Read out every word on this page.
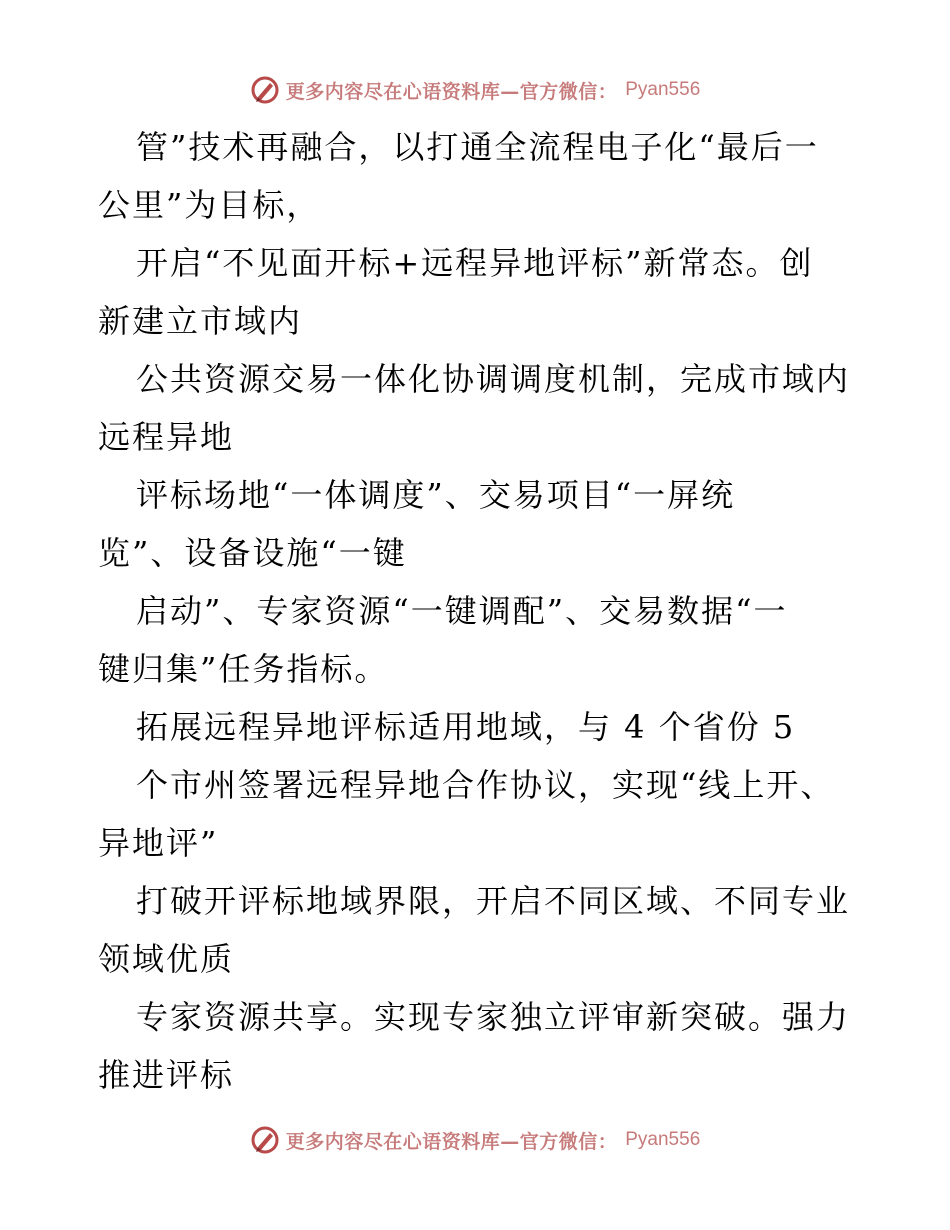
更多内容尽在心语资料库—官方微信： Pyan556
管”技术再融合，以打通全流程电子化“最后一
公里”为目标，
开启“不见面开标+远程异地评标”新常态。创
新建立市域内
公共资源交易一体化协调调度机制，完成市域内
远程异地
评标场地“一体调度”、交易项目“一屏统
览”、设备设施“一键
启动”、专家资源“一键调配”、交易数据“一
键归集”任务指标。
拓展远程异地评标适用地域，与 4 个省份 5
个市州签署远程异地合作协议，实现“线上开、
异地评”
打破开评标地域界限，开启不同区域、不同专业
领域优质
专家资源共享。实现专家独立评审新突破。强力
推进评标
更多内容尽在心语资料库—官方微信： Pyan556
